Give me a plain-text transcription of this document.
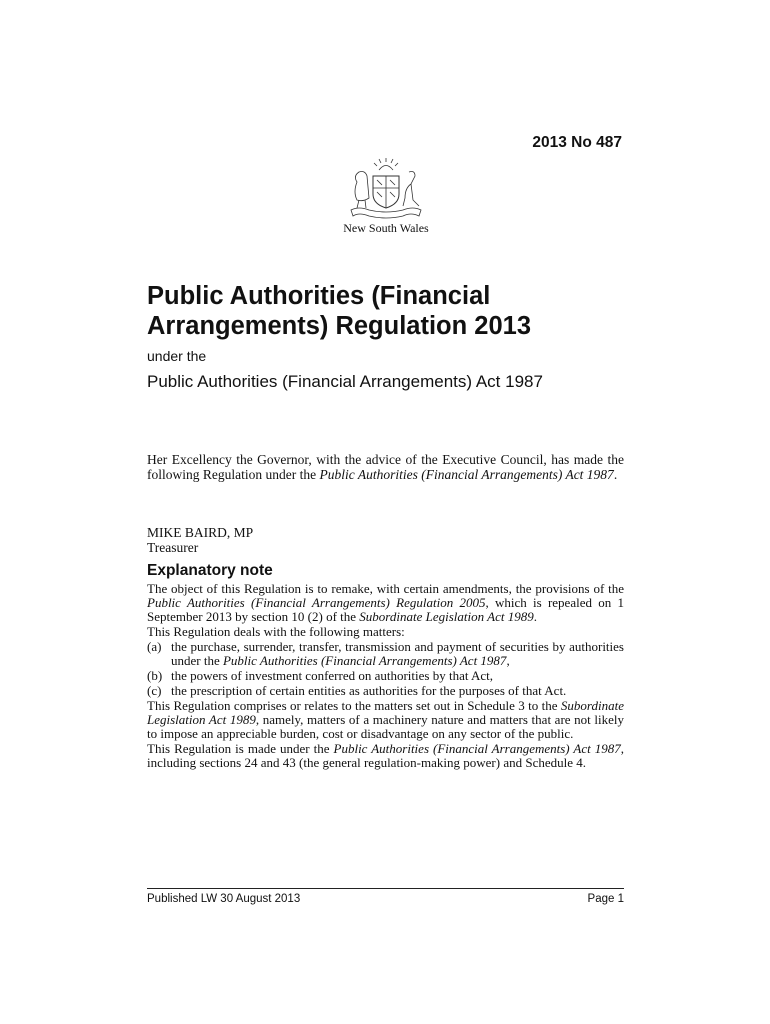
2013 No 487
New South Wales
Public Authorities (Financial
Arrangements) Regulation 2013
under the
Public Authorities (Financial Arrangements) Act 1987
Her Excellency the Governor, with the advice of the Executive Council, has made the following Regulation under the Public Authorities (Financial Arrangements) Act 1987.
MIKE BAIRD, MP
Treasurer
Explanatory note

The object of this Regulation is to remake, with certain amendments, the provisions of the Public Authorities (Financial Arrangements) Regulation 2005, which is repealed on 1 September 2013 by section 10 (2) of the Subordinate Legislation Act 1989.

This Regulation deals with the following matters:

(a) the purchase, surrender, transfer, transmission and payment of securities by authorities under the Public Authorities (Financial Arrangements) Act 1987,
(b) the powers of investment conferred on authorities by that Act,
(c) the prescription of certain entities as authorities for the purposes of that Act.

This Regulation comprises or relates to the matters set out in Schedule 3 to the Subordinate Legislation Act 1989, namely, matters of a machinery nature and matters that are not likely to impose an appreciable burden, cost or disadvantage on any sector of the public.

This Regulation is made under the Public Authorities (Financial Arrangements) Act 1987, including sections 24 and 43 (the general regulation-making power) and Schedule 4.

Published LW 30 August 2013	Page 1
